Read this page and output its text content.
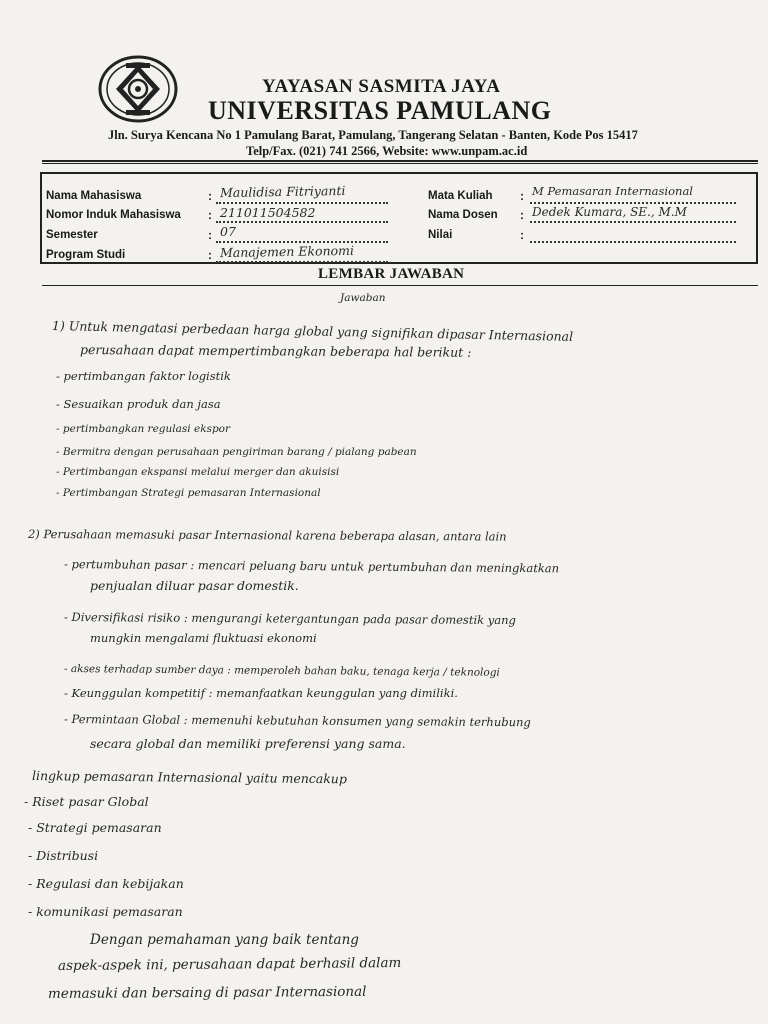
YAYASAN SASMITA JAYA
UNIVERSITAS PAMULANG
Jln. Surya Kencana No 1 Pamulang Barat, Pamulang, Tangerang Selatan - Banten, Kode Pos 15417
Telp/Fax. (021) 741 2566, Website: www.unpam.ac.id
Nama Mahasiswa
Nomor Induk Mahasiswa
Semester
Program Studi
:
:
:
:
Maulidisa Fitriyanti
211011504582
07
Manajemen Ekonomi
Mata Kuliah
Nama Dosen
Nilai
:
:
:
M Pemasaran Internasional
Dedek Kumara, SE., M.M
LEMBAR JAWABAN
Jawaban
1) Untuk mengatasi perbedaan harga global yang signifikan dipasar Internasional
perusahaan dapat mempertimbangkan beberapa hal berikut :
- pertimbangan faktor logistik
- Sesuaikan produk dan jasa
- pertimbangkan regulasi ekspor
- Bermitra dengan perusahaan pengiriman barang / pialang pabean
- Pertimbangan ekspansi melalui merger dan akuisisi
- Pertimbangan Strategi pemasaran Internasional
2) Perusahaan memasuki pasar Internasional karena beberapa alasan, antara lain
- pertumbuhan pasar : mencari peluang baru untuk pertumbuhan dan meningkatkan
penjualan diluar pasar domestik.
- Diversifikasi risiko : mengurangi ketergantungan pada pasar domestik yang
mungkin mengalami fluktuasi ekonomi
- akses terhadap sumber daya : memperoleh bahan baku, tenaga kerja / teknologi
- Keunggulan kompetitif : memanfaatkan keunggulan yang dimiliki.
- Permintaan Global : memenuhi kebutuhan konsumen yang semakin terhubung
secara global dan memiliki preferensi yang sama.
lingkup pemasaran Internasional yaitu mencakup
- Riset pasar Global
- Strategi pemasaran
- Distribusi
- Regulasi dan kebijakan
- komunikasi pemasaran
Dengan pemahaman yang baik tentang
aspek-aspek ini, perusahaan dapat berhasil dalam
memasuki dan bersaing di pasar Internasional
